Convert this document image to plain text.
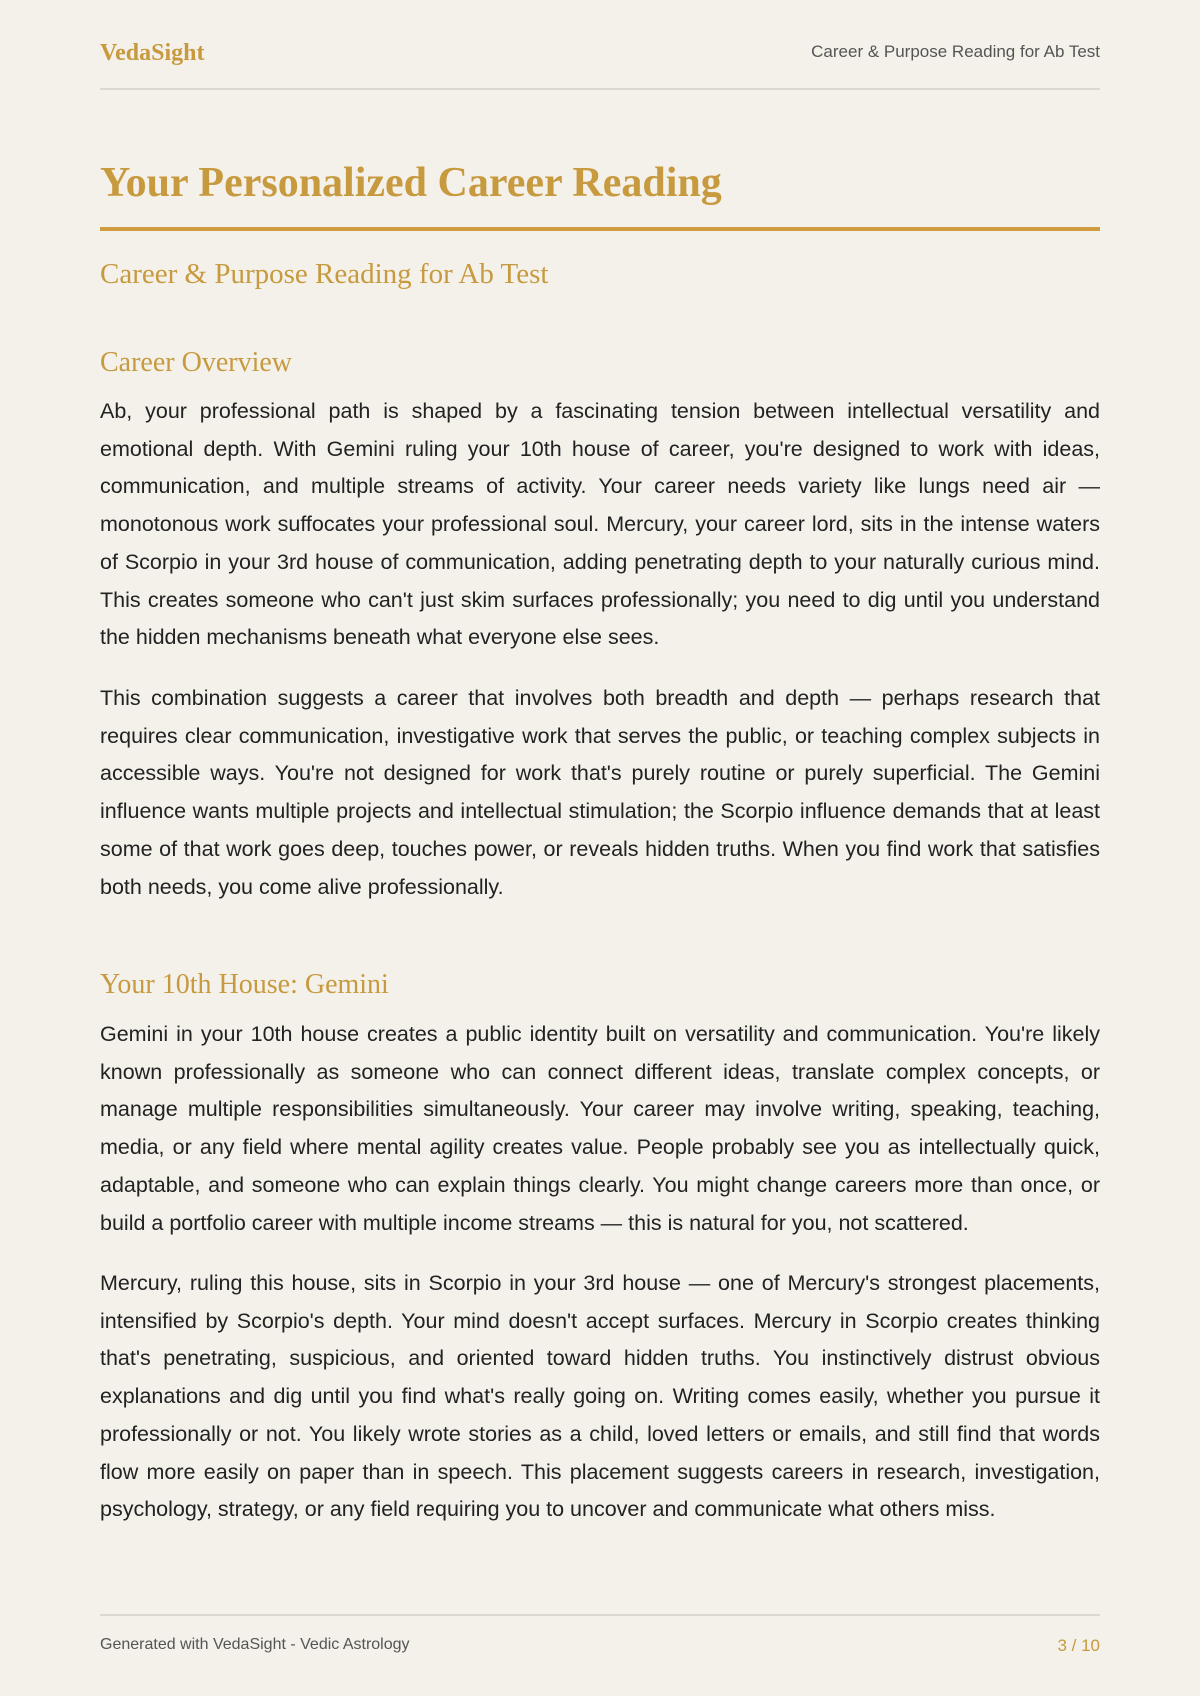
VedaSight	Career & Purpose Reading for Ab Test
Your Personalized Career Reading
Career & Purpose Reading for Ab Test
Career Overview

Ab, your professional path is shaped by a fascinating tension between intellectual versatility and emotional depth. With Gemini ruling your 10th house of career, you're designed to work with ideas, communication, and multiple streams of activity. Your career needs variety like lungs need air — monotonous work suffocates your professional soul. Mercury, your career lord, sits in the intense waters of Scorpio in your 3rd house of communication, adding penetrating depth to your naturally curious mind. This creates someone who can't just skim surfaces professionally; you need to dig until you understand the hidden mechanisms beneath what everyone else sees.

This combination suggests a career that involves both breadth and depth — perhaps research that requires clear communication, investigative work that serves the public, or teaching complex subjects in accessible ways. You're not designed for work that's purely routine or purely superficial. The Gemini influence wants multiple projects and intellectual stimulation; the Scorpio influence demands that at least some of that work goes deep, touches power, or reveals hidden truths. When you find work that satisfies both needs, you come alive professionally.

Your 10th House: Gemini

Gemini in your 10th house creates a public identity built on versatility and communication. You're likely known professionally as someone who can connect different ideas, translate complex concepts, or manage multiple responsibilities simultaneously. Your career may involve writing, speaking, teaching, media, or any field where mental agility creates value. People probably see you as intellectually quick, adaptable, and someone who can explain things clearly. You might change careers more than once, or build a portfolio career with multiple income streams — this is natural for you, not scattered.

Mercury, ruling this house, sits in Scorpio in your 3rd house — one of Mercury's strongest placements, intensified by Scorpio's depth. Your mind doesn't accept surfaces. Mercury in Scorpio creates thinking that's penetrating, suspicious, and oriented toward hidden truths. You instinctively distrust obvious explanations and dig until you find what's really going on. Writing comes easily, whether you pursue it professionally or not. You likely wrote stories as a child, loved letters or emails, and still find that words flow more easily on paper than in speech. This placement suggests careers in research, investigation, psychology, strategy, or any field requiring you to uncover and communicate what others miss.

Generated with VedaSight - Vedic Astrology	3 / 10
